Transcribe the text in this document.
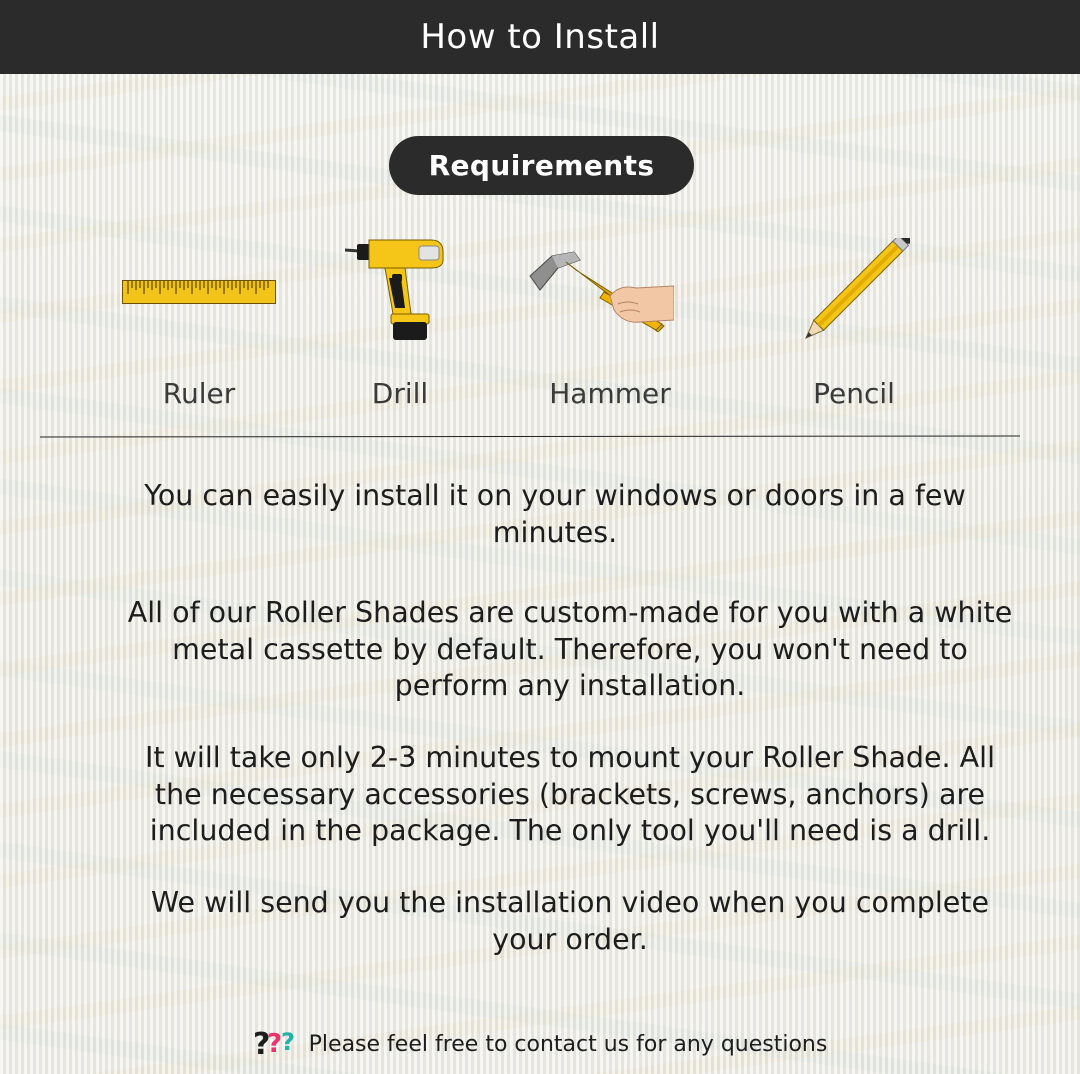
How to Install
Requirements
Ruler	Drill	Hammer	Pencil

You can easily install it on your windows or doors in a few minutes.

All of our Roller Shades are custom-made for you with a white metal cassette by default. Therefore, you won't need to perform any installation.

It will take only 2-3 minutes to mount your Roller Shade. All the necessary accessories (brackets, screws, anchors) are included in the package. The only tool you'll need is a drill.

We will send you the installation video when you complete your order.

?
?
? Please feel free to contact us for any questions
